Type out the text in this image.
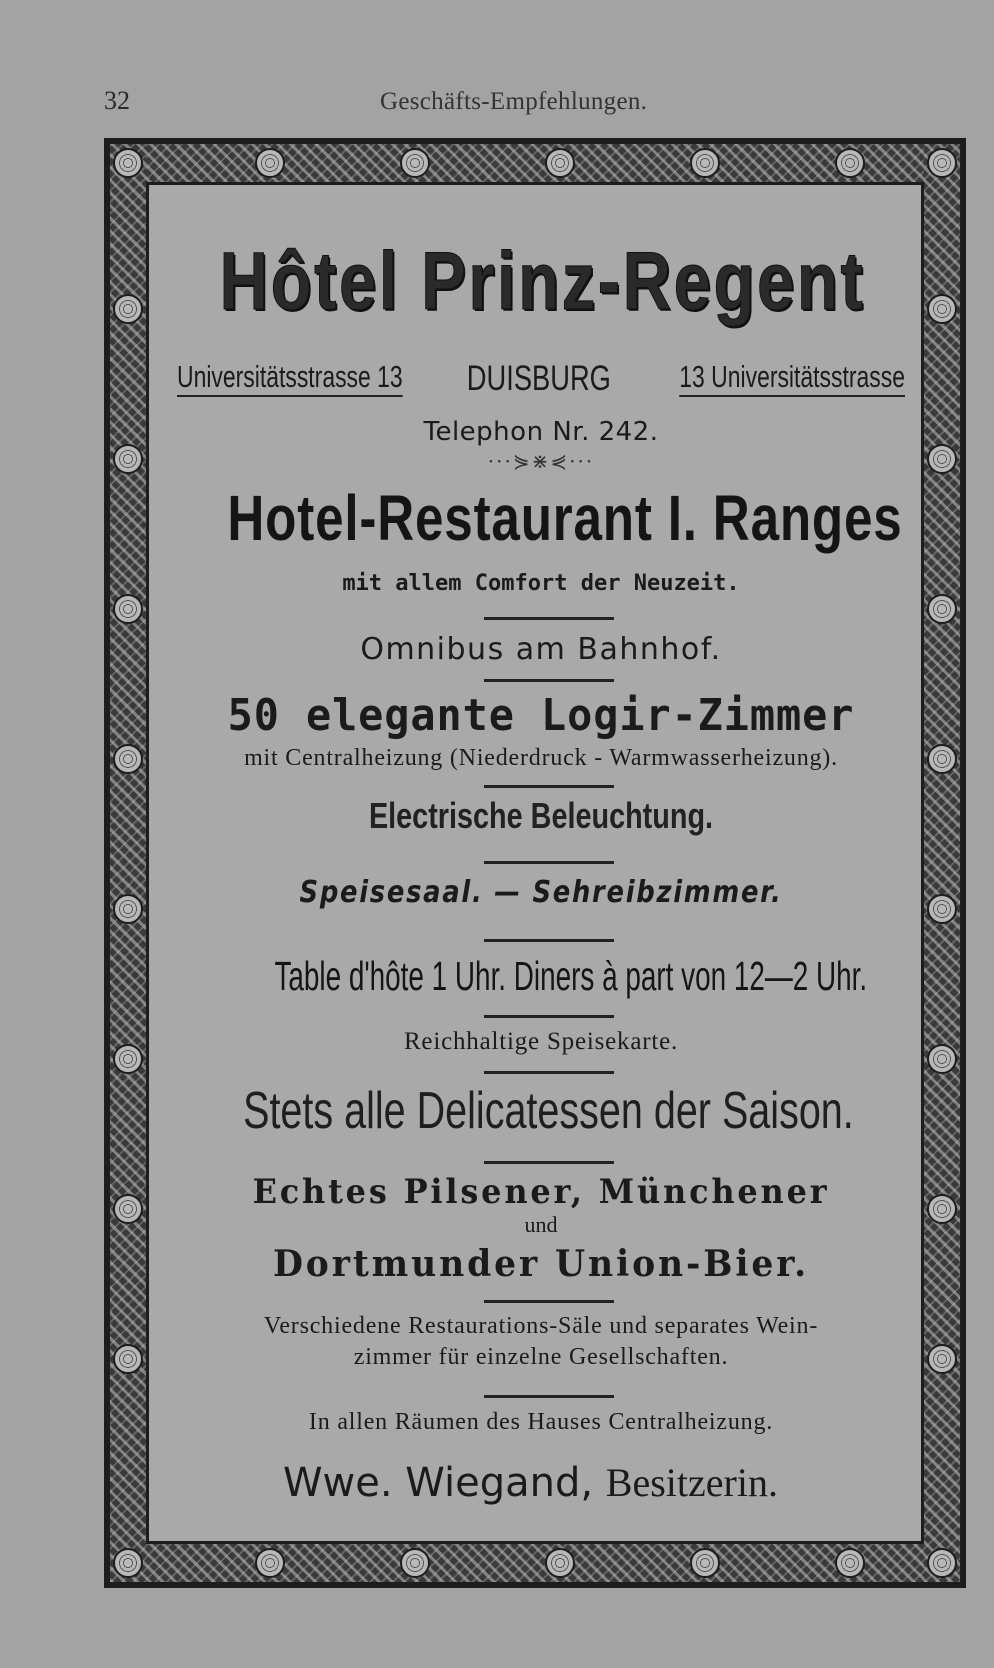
32	Geschäfts-Empfehlungen.
Hôtel Prinz-Regent
Universitätsstrasse 13 DUISBURG 13 Universitätsstrasse
Telephon Nr. 242.
···⋟⋇⋞···
Hotel-Restaurant I. Ranges
mit allem Comfort der Neuzeit.
Omnibus am Bahnhof.
50 elegante Logir-Zimmer
mit Centralheizung (Niederdruck - Warmwasserheizung).
Electrische Beleuchtung.
Speisesaal. — Sehreibzimmer.
Table d'hôte 1 Uhr. Diners à part von 12—2 Uhr.
Reichhaltige Speisekarte.
Stets alle Delicatessen der Saison.
Echtes Pilsener, Münchener
und
Dortmunder Union-Bier.
Verschiedene Restaurations-Säle und separates Wein-
zimmer für einzelne Gesellschaften.
In allen Räumen des Hauses Centralheizung.
Wwe. Wiegand, Besitzerin.
